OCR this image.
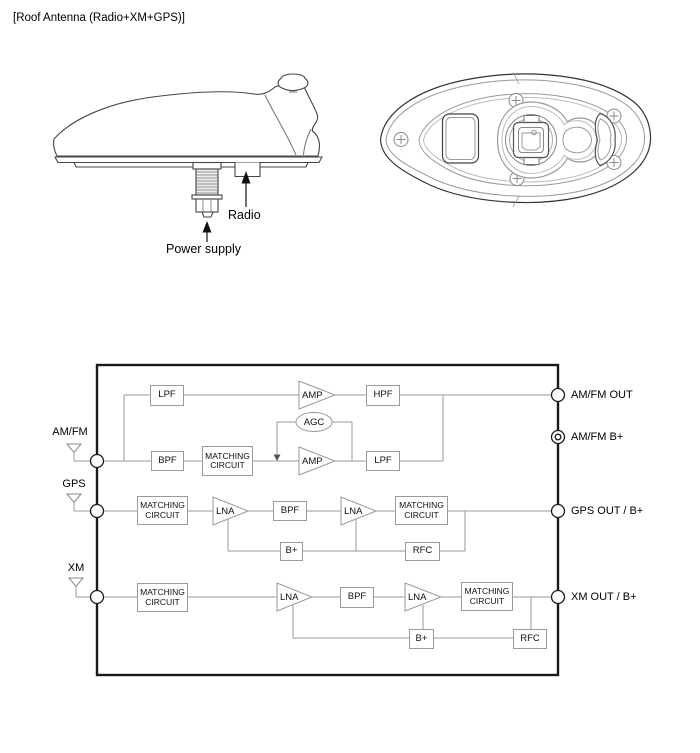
[Roof Antenna (Radio+XM+GPS)]
AMP
AMP
AGC
LNA	LNA
LNA	LNA
Radio
Power supply
AM/FM
GPS
XM
AM/FM OUT
AM/FM B+
GPS OUT / B+
XM OUT / B+
LPF	HPF
BPF	MATCHING
CIRCUIT	LPF
MATCHING
CIRCUIT	BPF	MATCHING
CIRCUIT
B+	RFC
MATCHING
CIRCUIT	BPF
MATCHING
CIRCUIT
B+	RFC
